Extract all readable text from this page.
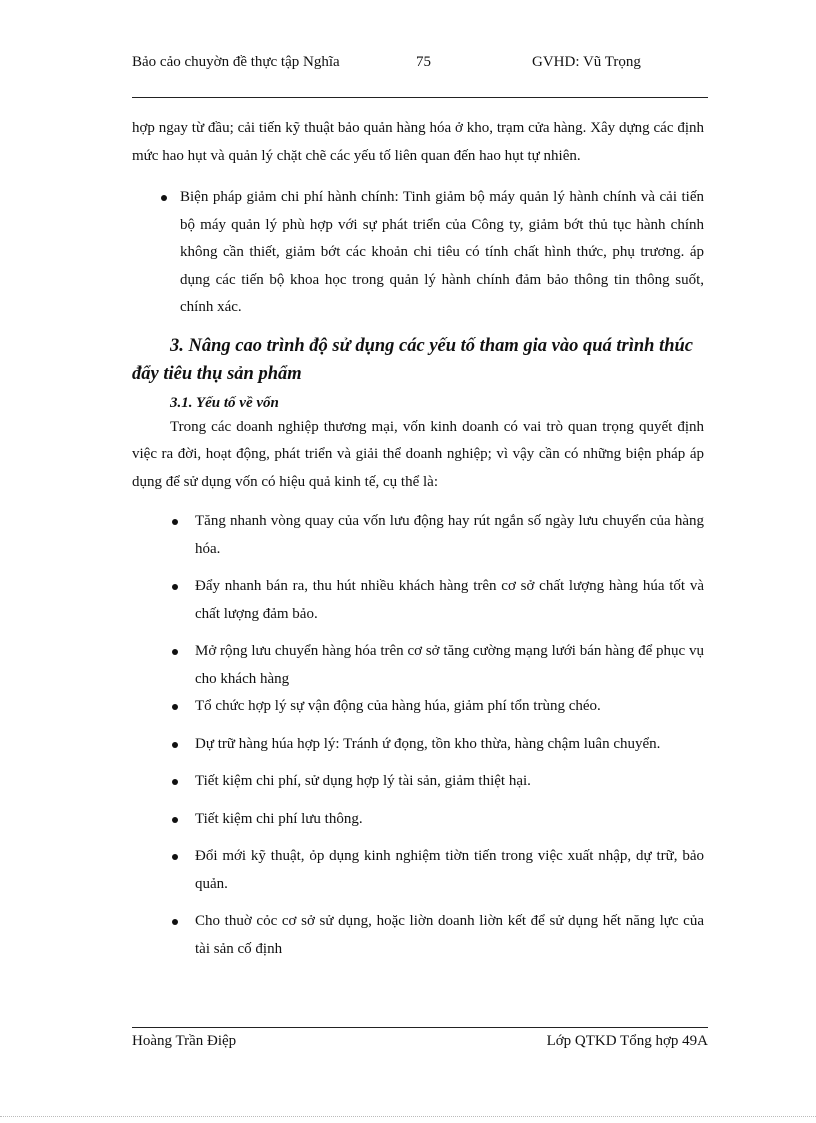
Bảo cảo chuyờn đề thực tập Nghĩa	75	GVHD: Vũ Trọng

hợp ngay từ đầu; cải tiến kỹ thuật bảo quản hàng hóa ở kho, trạm cửa hàng. Xây dựng các định mức hao hụt và quản lý chặt chẽ các yếu tố liên quan đến hao hụt tự nhiên.

Biện pháp giảm chi phí hành chính: Tinh giảm bộ máy quản lý hành chính và cải tiến bộ máy quản lý phù hợp với sự phát triển của Công ty, giảm bớt thủ tục hành chính không cần thiết, giảm bớt các khoản chi tiêu có tính chất hình thức, phụ trương. áp dụng các tiến bộ khoa học trong quản lý hành chính đảm bảo thông tin thông suốt, chính xác.
3. Nâng cao trình độ sử dụng các yếu tố tham gia vào quá trình thúc
đẩy tiêu thụ sản phẩm
3.1. Yếu tố về vốn

Trong các doanh nghiệp thương mại, vốn kinh doanh có vai trò quan trọng quyết định việc ra đời, hoạt động, phát triển và giải thể doanh nghiệp; vì vậy cần có những biện pháp áp dụng để sử dụng vốn có hiệu quả kinh tế, cụ thể là:

Tăng nhanh vòng quay của vốn lưu động hay rút ngắn số ngày lưu chuyển của hàng hóa.
Đẩy nhanh bán ra, thu hút nhiều khách hàng trên cơ sở chất lượng hàng húa tốt và chất lượng đảm bảo.
Mở rộng lưu chuyển hàng hóa trên cơ sở tăng cường mạng lưới bán hàng để phục vụ cho khách hàng
Tổ chức hợp lý sự vận động của hàng húa, giảm phí tổn trùng chéo.
Dự trữ hàng húa hợp lý: Tránh ứ đọng, tồn kho thừa, hàng chậm luân chuyển.
Tiết kiệm chi phí, sử dụng hợp lý tài sản, giảm thiệt hại.
Tiết kiệm chi phí lưu thông.
Đổi mới kỹ thuật, ỏp dụng kinh nghiệm tiờn tiến trong việc xuất nhập, dự trữ, bảo quản.
Cho thuờ cỏc cơ sở sử dụng, hoặc liờn doanh liờn kết để sử dụng hết năng lực của tài sản cố định
Hoàng Trần Điệp	Lớp QTKD Tổng hợp 49A
